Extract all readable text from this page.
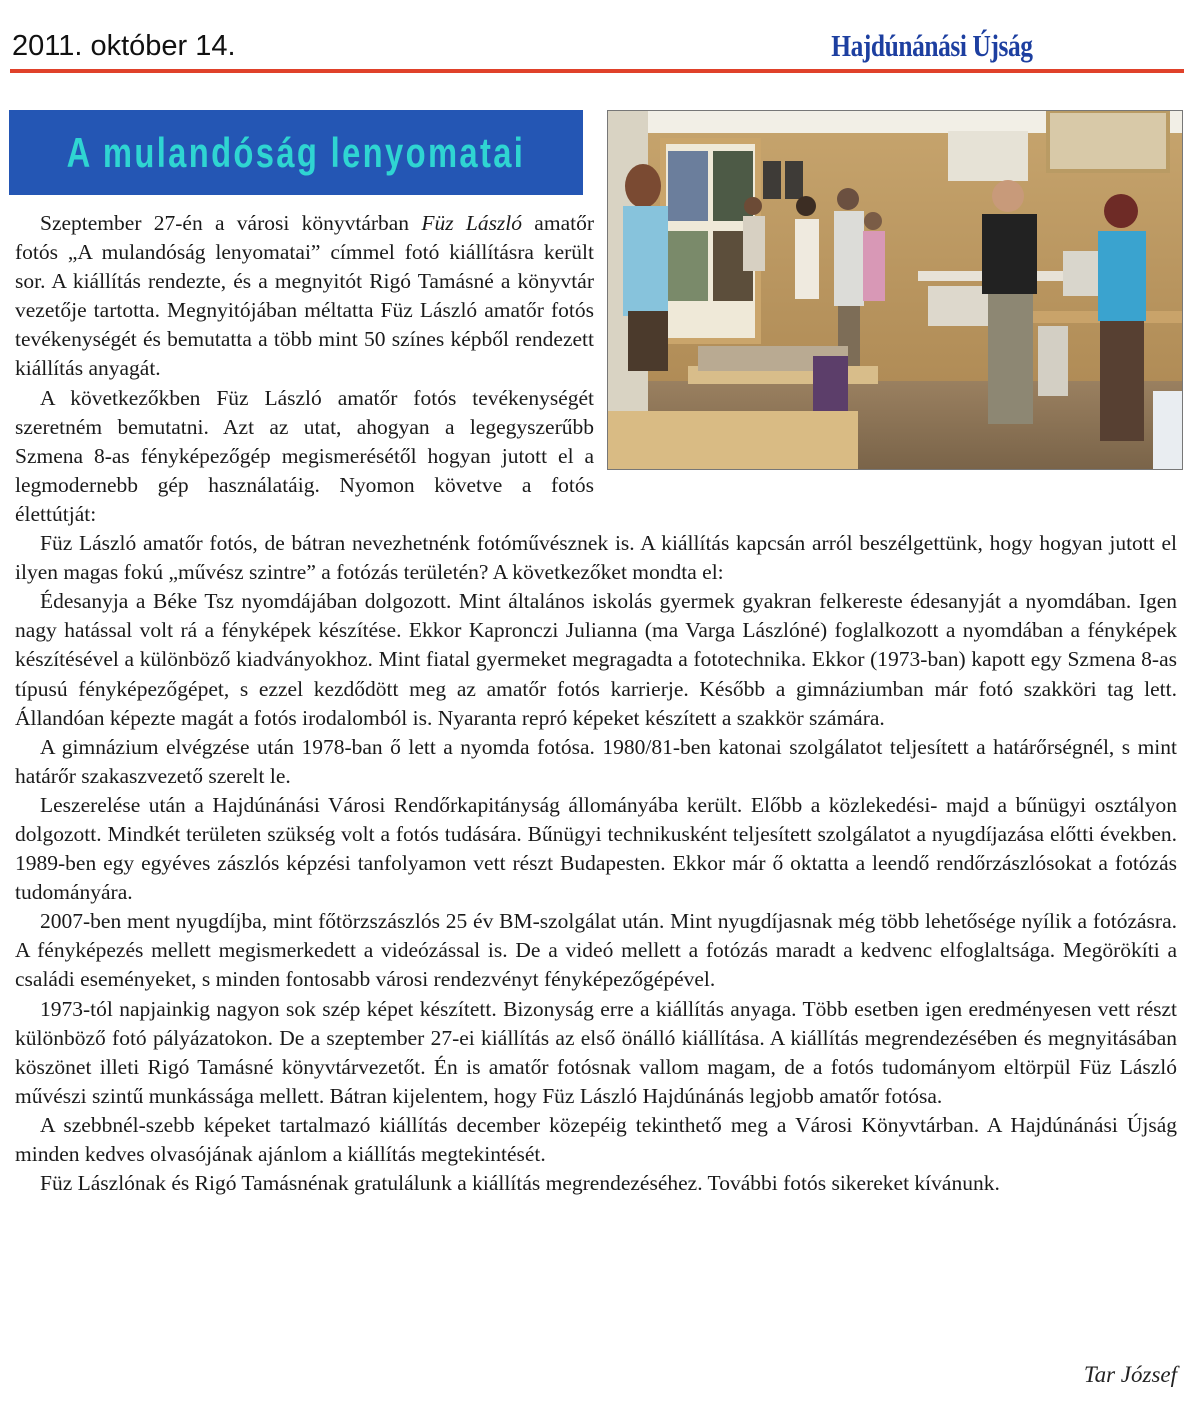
2011. október 14.	Hajdúnánási Újság
A mulandóság lenyomatai

Szeptember 27-én a városi könyvtárban Füz László amatőr fotós „A mulandóság lenyomatai” címmel fotó kiállításra került sor. A kiállítás rendezte, és a megnyitót Rigó Tamásné a könyvtár vezetője tartotta. Megnyitójában méltatta Füz László amatőr fotós tevékenységét és bemutatta a több mint 50 színes képből rendezett kiállítás anyagát.

A következőkben Füz László amatőr fotós tevékenységét szeretném bemutatni. Azt az utat, ahogyan a legegyszerűbb Szmena 8-as fényképezőgép megismerésétől hogyan jutott el a legmodernebb gép használatáig. Nyomon követve a fotós élettútját:

Füz László amatőr fotós, de bátran nevezhetnénk fotóművésznek is. A kiállítás kapcsán arról beszélgettünk, hogy hogyan jutott el ilyen magas fokú „művész szintre” a fotózás területén? A következőket mondta el:

Édesanyja a Béke Tsz nyomdájában dolgozott. Mint általános iskolás gyermek gyakran felkereste édesanyját a nyomdában. Igen nagy hatással volt rá a fényképek készítése. Ekkor Kapronczi Julianna (ma Varga Lászlóné) foglalkozott a nyomdában a fényképek készítésével a különböző kiadványokhoz. Mint fiatal gyermeket megragadta a fototechnika. Ekkor (1973-ban) kapott egy Szmena 8-as típusú fényképezőgépet, s ezzel kezdődött meg az amatőr fotós karrierje. Később a gimnáziumban már fotó szakköri tag lett. Állandóan képezte magát a fotós irodalomból is. Nyaranta repró képeket készített a szakkör számára.

A gimnázium elvégzése után 1978-ban ő lett a nyomda fotósa. 1980/81-ben katonai szolgálatot teljesített a határőrségnél, s mint határőr szakaszvezető szerelt le.

Leszerelése után a Hajdúnánási Városi Rendőrkapitányság állományába került. Előbb a közlekedési- majd a bűnügyi osztályon dolgozott. Mindkét területen szükség volt a fotós tudására. Bűnügyi technikusként teljesített szolgálatot a nyugdíjazása előtti években. 1989-ben egy egyéves zászlós képzési tanfolyamon vett részt Budapesten. Ekkor már ő oktatta a leendő rendőrzászlósokat a fotózás tudományára.

2007-ben ment nyugdíjba, mint főtörzszászlós 25 év BM-szolgálat után. Mint nyugdíjasnak még több lehetősége nyílik a fotózásra. A fényképezés mellett megismerkedett a videózással is. De a videó mellett a fotózás maradt a kedvenc elfoglaltsága. Megörökíti a családi eseményeket, s minden fontosabb városi rendezvényt fényképezőgépével.

1973-tól napjainkig nagyon sok szép képet készített. Bizonyság erre a kiállítás anyaga. Több esetben igen eredményesen vett részt különböző fotó pályázatokon. De a szeptember 27-ei kiállítás az első önálló kiállítása. A kiállítás megrendezésében és megnyitásában köszönet illeti Rigó Tamásné könyvtárvezetőt. Én is amatőr fotósnak vallom magam, de a fotós tudományom eltörpül Füz László művészi szintű munkássága mellett. Bátran kijelentem, hogy Füz László Hajdúnánás legjobb amatőr fotósa.

A szebbnél-szebb képeket tartalmazó kiállítás december közepéig tekinthető meg a Városi Könyvtárban. A Hajdúnánási Újság minden kedves olvasójának ajánlom a kiállítás megtekintését.

Füz Lászlónak és Rigó Tamásnénak gratulálunk a kiállítás megrendezéséhez. További fotós sikereket kívánunk.

Tar József
